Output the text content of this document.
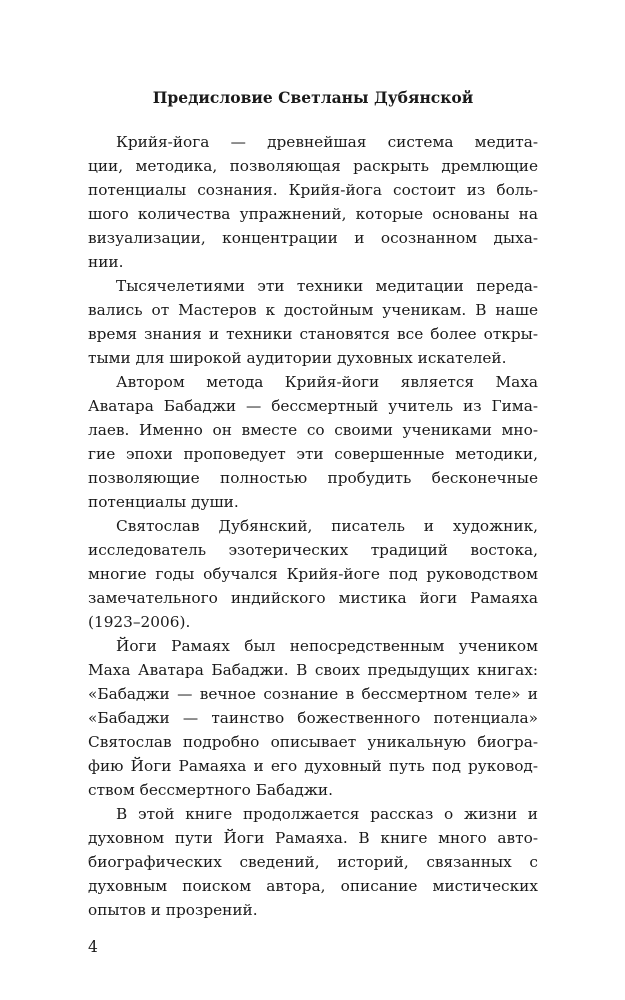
Предисловие Светланы Дубянской
Крийя-йога — древнейшая система медита-
ции, методика, позволяющая раскрыть дремлющие
потенциалы сознания. Крийя-йога состоит из боль-
шого количества упражнений, которые основаны на
визуализации, концентрации и осознанном дыха-
нии.
Тысячелетиями эти техники медитации переда-
вались от Мастеров к достойным ученикам. В наше
время знания и техники становятся все более откры-
тыми для широкой аудитории духовных искателей.
Автором метода Крийя-йоги является Маха
Аватара Бабаджи — бессмертный учитель из Гима-
лаев. Именно он вместе со своими учениками мно-
гие эпохи проповедует эти совершенные методики,
позволяющие полностью пробудить бесконечные
потенциалы души.
Святослав Дубянский, писатель и художник,
исследователь эзотерических традиций востока,
многие годы обучался Крийя-йоге под руководством
замечательного индийского мистика йоги Рамаяха
(1923–2006).
Йоги Рамаях был непосредственным учеником
Маха Аватара Бабаджи. В своих предыдущих книгах:
«Бабаджи — вечное сознание в бессмертном теле» и
«Бабаджи — таинство божественного потенциала»
Святослав подробно описывает уникальную биогра-
фию Йоги Рамаяха и его духовный путь под руковод-
ством бессмертного Бабаджи.
В этой книге продолжается рассказ о жизни и
духовном пути Йоги Рамаяха. В книге много авто-
биографических сведений, историй, связанных с
духовным поиском автора, описание мистических
опытов и прозрений.
4
